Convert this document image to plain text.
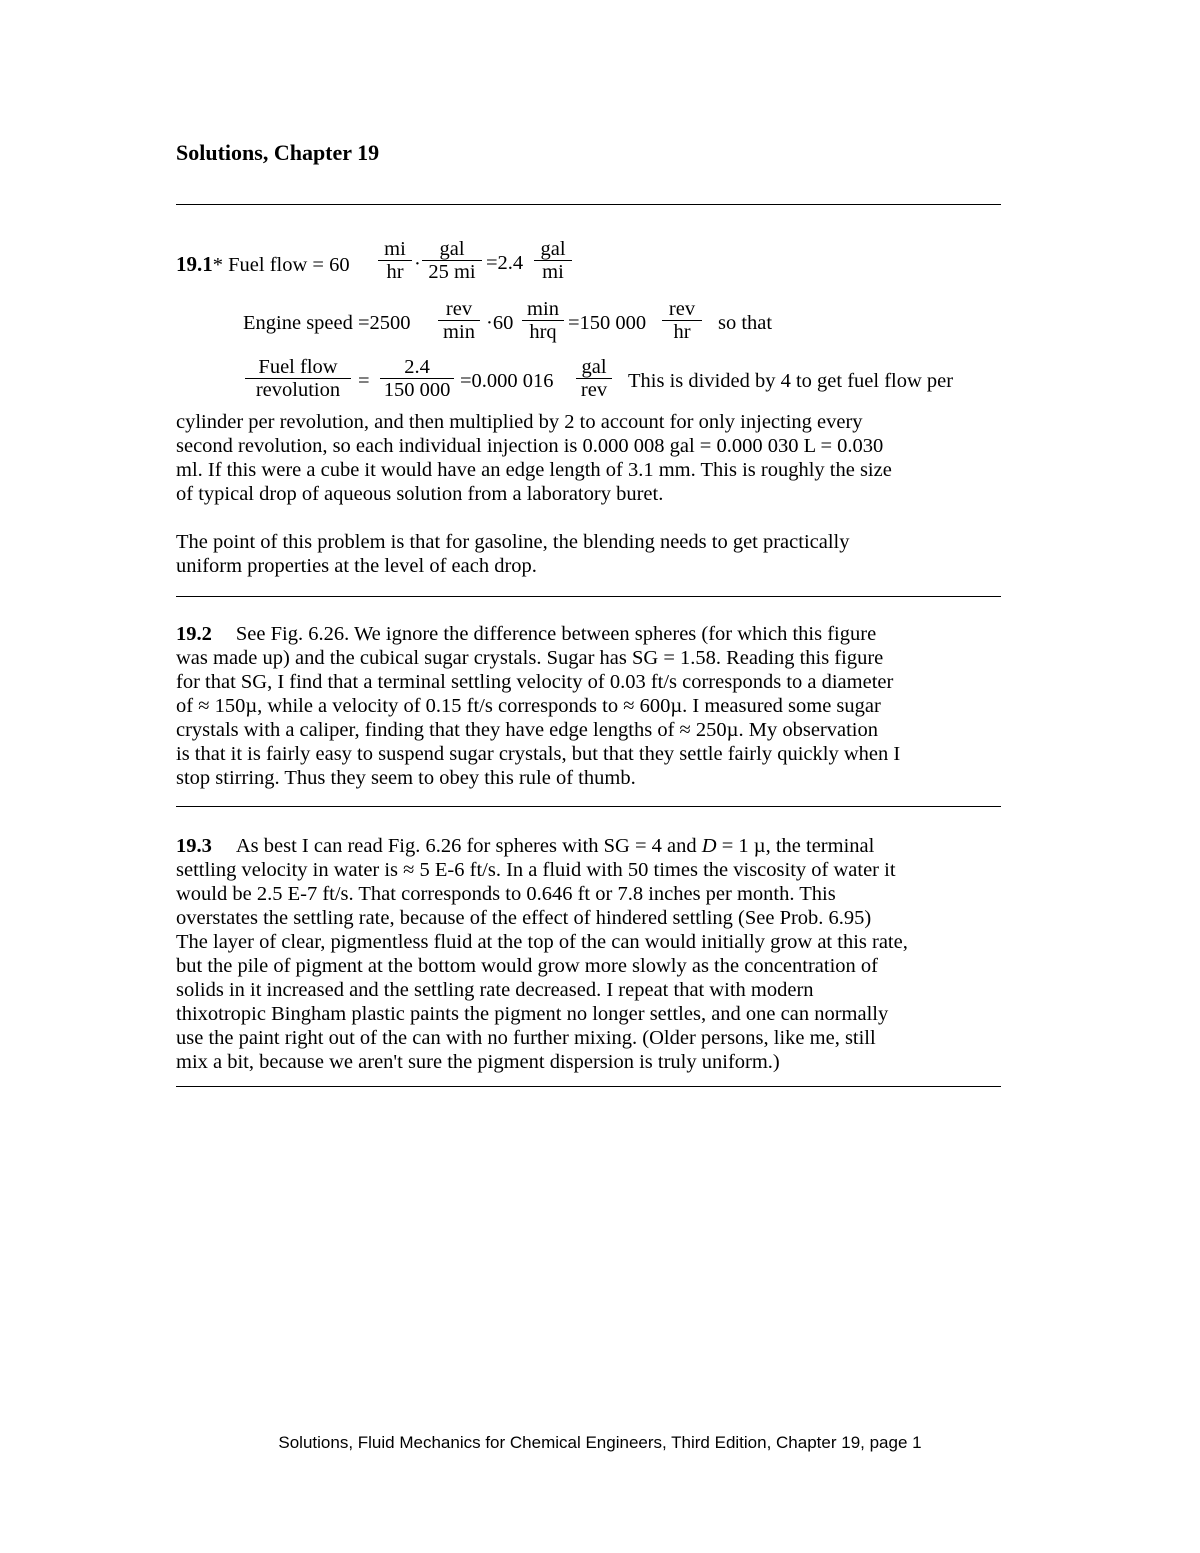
Solutions, Chapter 19
19.1* Fuel flow = $60 \frac{mi}{hr}$ ·
gal
25 mi =2.4
gal
mi
Engine speed =2500
rev
min ·60
min
hrq =150 000
rev
hr	so that
Fuel flow
revolution = $\frac{2.4}{150 000} =0.000$ 016
gal
rev This is divided by 4 to get fuel flow per

cylinder per revolution, and then multiplied by 2 to account for only injecting every

second revolution, so each individual injection is 0.000 008 gal = 0.000 030 L = 0.030

ml. If this were a cube it would have an edge length of 3.1 mm. This is roughly the size

of typical drop of aqueous solution from a laboratory buret.

The point of this problem is that for gasoline, the blending needs to get practically

uniform properties at the level of each drop.

19.2 See Fig. 6.26. We ignore the difference between spheres (for which this figure

was made up) and the cubical sugar crystals. Sugar has SG = 1.58. Reading this figure

for that SG, I find that a terminal settling velocity of 0.03 ft/s corresponds to a diameter

of ≈ 150µ, while a velocity of 0.15 ft/s corresponds to ≈ 600µ. I measured some sugar

crystals with a caliper, finding that they have edge lengths of ≈ 250µ. My observation

is that it is fairly easy to suspend sugar crystals, but that they settle fairly quickly when I

stop stirring. Thus they seem to obey this rule of thumb.

19.3 As best I can read Fig. 6.26 for spheres with SG = 4 and D = 1 µ, the terminal

settling velocity in water is ≈ 5 E-6 ft/s. In a fluid with 50 times the viscosity of water it

would be 2.5 E-7 ft/s. That corresponds to 0.646 ft or 7.8 inches per month. This

overstates the settling rate, because of the effect of hindered settling (See Prob. 6.95)

The layer of clear, pigmentless fluid at the top of the can would initially grow at this rate,

but the pile of pigment at the bottom would grow more slowly as the concentration of

solids in it increased and the settling rate decreased. I repeat that with modern

thixotropic Bingham plastic paints the pigment no longer settles, and one can normally

use the paint right out of the can with no further mixing. (Older persons, like me, still

mix a bit, because we aren't sure the pigment dispersion is truly uniform.)

Solutions, Fluid Mechanics for Chemical Engineers, Third Edition, Chapter 19, page 1
